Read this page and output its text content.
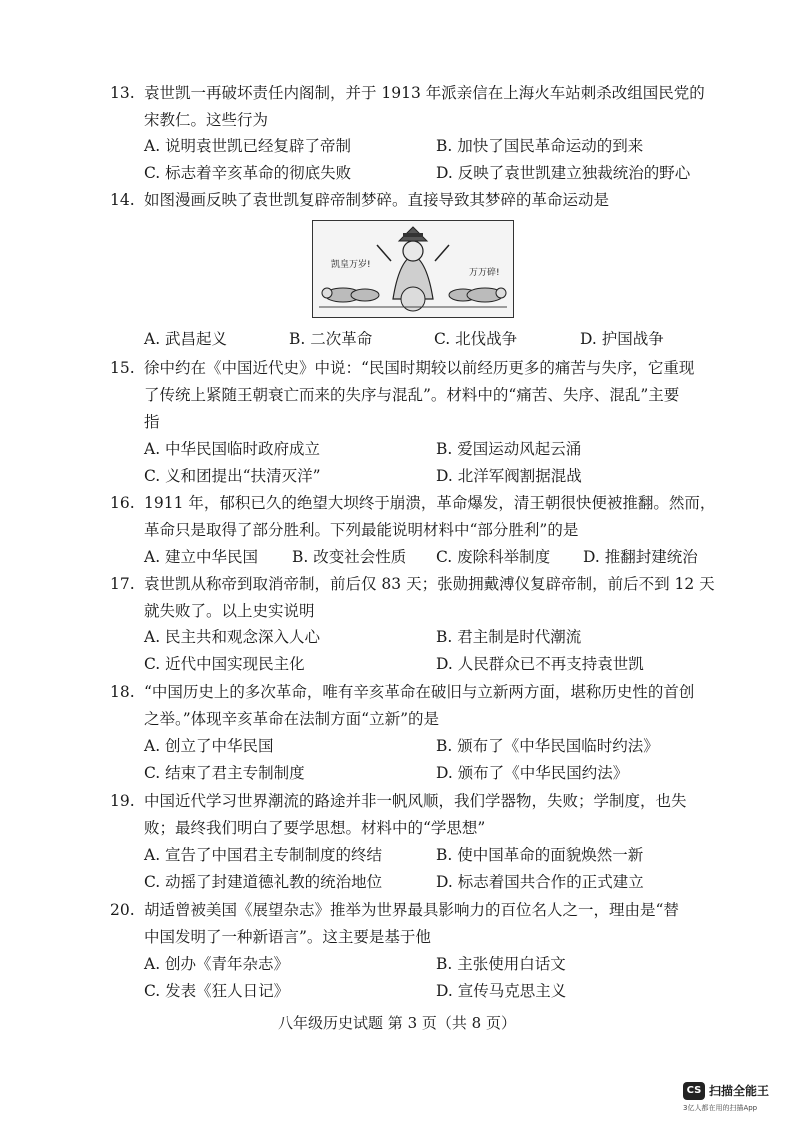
13. 袁世凯一再破坏责任内阁制，并于 1913 年派亲信在上海火车站刺杀改组国民党的
宋教仁。这些行为
A. 说明袁世凯已经复辟了帝制	B. 加快了国民革命运动的到来
C. 标志着辛亥革命的彻底失败	D. 反映了袁世凯建立独裁统治的野心
14. 如图漫画反映了袁世凯复辟帝制梦碎。直接导致其梦碎的革命运动是
凯皇万岁!
万万碎!
A. 武昌起义	B. 二次革命	C. 北伐战争	D. 护国战争
15. 徐中约在《中国近代史》中说：“民国时期较以前经历更多的痛苦与失序，它重现
了传统上紧随王朝衰亡而来的失序与混乱”。材料中的“痛苦、失序、混乱”主要
指
A. 中华民国临时政府成立	B. 爱国运动风起云涌
C. 义和团提出“扶清灭洋”	D. 北洋军阀割据混战
16. 1911 年，郁积已久的绝望大坝终于崩溃，革命爆发，清王朝很快便被推翻。然而，
革命只是取得了部分胜利。下列最能说明材料中“部分胜利”的是
A. 建立中华民国 B. 改变社会性质 C. 废除科举制度 D. 推翻封建统治
17. 袁世凯从称帝到取消帝制，前后仅 83 天；张勋拥戴溥仪复辟帝制，前后不到 12 天
就失败了。以上史实说明
A. 民主共和观念深入人心	B. 君主制是时代潮流
C. 近代中国实现民主化	D. 人民群众已不再支持袁世凯
18. “中国历史上的多次革命，唯有辛亥革命在破旧与立新两方面，堪称历史性的首创
之举。”体现辛亥革命在法制方面“立新”的是
A. 创立了中华民国	B. 颁布了《中华民国临时约法》
C. 结束了君主专制制度	D. 颁布了《中华民国约法》
19. 中国近代学习世界潮流的路途并非一帆风顺，我们学器物，失败；学制度，也失
败；最终我们明白了要学思想。材料中的“学思想”
A. 宣告了中国君主专制制度的终结	B. 使中国革命的面貌焕然一新
C. 动摇了封建道德礼教的统治地位	D. 标志着国共合作的正式建立
20. 胡适曾被美国《展望杂志》推举为世界最具影响力的百位名人之一，理由是“替
中国发明了一种新语言”。这主要是基于他
A. 创办《青年杂志》	B. 主张使用白话文
C. 发表《狂人日记》	D. 宣传马克思主义
八年级历史试题 第 3 页（共 8 页）
CS 扫描全能王
3亿人都在用的扫描App
